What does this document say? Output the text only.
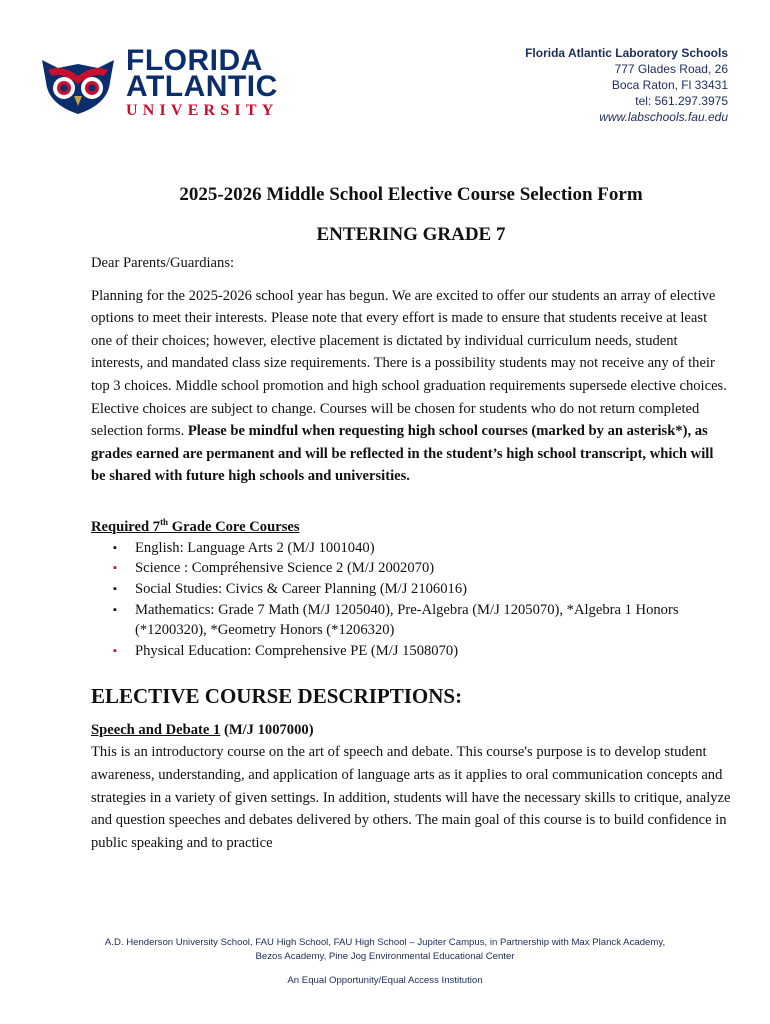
FLORIDA
ATLANTIC
UNIVERSITY
Florida Atlantic Laboratory Schools
777 Glades Road, 26
Boca Raton, Fl 33431
tel: 561.297.3975
www.labschools.fau.edu
2025-2026 Middle School Elective Course Selection Form
ENTERING GRADE 7

Dear Parents/Guardians:

Planning for the 2025-2026 school year has begun. We are excited to offer our students an array of elective options to meet their interests. Please note that every effort is made to ensure that students receive at least one of their choices; however, elective placement is dictated by individual curriculum needs, student interests, and mandated class size requirements. There is a possibility students may not receive any of their top 3 choices. Middle school promotion and high school graduation requirements supersede elective choices. Elective choices are subject to change. Courses will be chosen for students who do not return completed selection forms. Please be mindful when requesting high school courses (marked by an asterisk*), as grades earned are permanent and will be reflected in the student’s high school transcript, which will be shared with future high schools and universities.

Required 7th Grade Core Courses
▪ English: Language Arts 2 (M/J 1001040)
▪ Science : Compréhensive Science 2 (M/J 2002070)
▪ Social Studies: Civics & Career Planning (M/J 2106016)
▪ Mathematics: Grade 7 Math (M/J 1205040), Pre-Algebra (M/J 1205070), *Algebra 1 Honors (*1200320), *Geometry Honors (*1206320)
▪ Physical Education: Comprehensive PE (M/J 1508070)
ELECTIVE COURSE DESCRIPTIONS:
Speech and Debate 1 (M/J 1007000)

This is an introductory course on the art of speech and debate. This course's purpose is to develop student awareness, understanding, and application of language arts as it applies to oral communication concepts and strategies in a variety of given settings. In addition, students will have the necessary skills to critique, analyze and question speeches and debates delivered by others. The main goal of this course is to build confidence in public speaking and to practice

A.D. Henderson University School, FAU High School, FAU High School – Jupiter Campus, in Partnership with Max Planck Academy,
Bezos Academy, Pine Jog Environmental Educational Center
An Equal Opportunity/Equal Access Institution
